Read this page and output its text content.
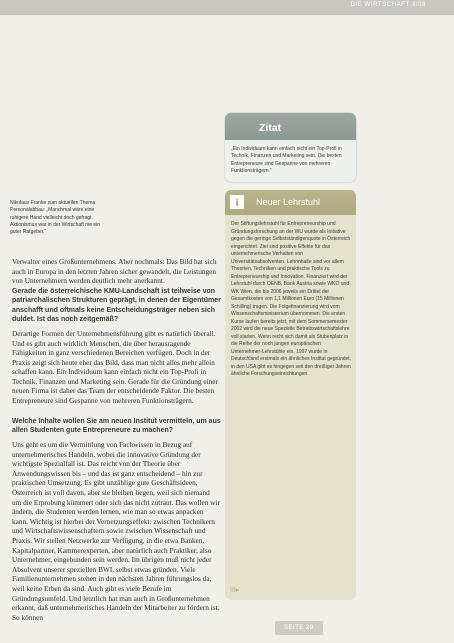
DIE WIRTSCHAFT 3/08
Zitat
„Ein Individuum kann einfach nicht ein Top-Profi in Technik, Finanzen und Marketing sein. Die besten Entrepreneure sind Gespanne von mehreren Funktionsträgern.“
i	Neuer Lehrstuhl
Der Stiftungslehrstuhl für Entrepreneurship und Gründungsforschung an der WU wurde als Initiative gegen die geringe Selbstständigenquote in Österreich eingerichtet. Ziel sind positive Effekte für das unternehmerische Verhalten von Universitätsabsolventen. Lehrinhalte sind vor allem Theorien, Techniken und praktische Tools zu Entrepreneurship und Innovation. Finanziert wird der Lehrstuhl durch OENB, Bank Austria sowie WKO und WK Wien, die bis 2006 jeweils ein Drittel der Gesamtkosten von 1,1 Millionen Euro (15 Millionen Schilling) tragen. Die Folgefinanzierung wird vom Wissenschaftsministerium übernommen. Die ersten Kurse laufen bereits jetzt, mit dem Sommersemester 2002 wird die neue Spezielle Betriebswirtschaftslehre voll starten. Wenn recht sich damit als Stubenplatz in die Reihe der noch jungen europäischen Unternehmer-Lehrstühle ein. 1997 wurde in Deutschland erstmals ein ähnliches Institut gegründet, in den USA gibt es hingegen seit den dreißiger Jahren ähnliche Forschungseinrichtungen.
Nikolaus Franke zum aktuellen Thema Personalabbau: „Manchmal wäre eine ruhigere Hand vielleicht doch gefragt. Aktionismus war in der Wirtschaft nie ein guter Ratgeber.“
Verwalter eines Großunternehmens. Aber nochmals: Das Bild hat sich auch in Europa in den letzten Jahren sicher gewandelt, die Leistungen von Unternehmern werden deutlich mehr anerkannt.
Gerade die österreichische KMU-Landschaft ist teilweise von patriarchalischen Strukturen geprägt, in denen der Eigentümer anschafft und oftmals keine Entscheidungsträger neben sich duldet. Ist das noch zeitgemäß?
Derartige Formen der Unternehmensführung gibt es natürlich überall. Und es gibt auch wirklich Menschen, die über herausragende Fähigkeiten in ganz verschiedenen Bereichen verfügen. Doch in der Praxis zeigt sich heute eher das Bild, dass man nicht alles mehr allein schaffen kann. Ein Individuum kann einfach nicht ein Top-Profi in Technik, Finanzen und Marketing sein. Gerade für die Gründung einer neuen Firma ist daher das Team der entscheidende Faktor. Die besten Entrepreneure sind Gespanne von mehreren Funktionsträgern.
Welche Inhalte wollen Sie am neuen Institut vermitteln, um aus allen Studenten gute Entrepreneure zu machen?
Uns geht es um die Vermittlung von Fachwissen in Bezug auf unternehmerisches Handeln, wobei die innovative Gründung der wichtigste Spezialfall ist. Das reicht von der Theorie über Anwendungswissen bis – und das ist ganz entscheidend – hin zur praktischen Umsetzung. Es gibt unzählige gute Geschäftsideen, Österreich ist voll davon, aber sie bleiben liegen, weil sich niemand um die Erprobung kümmert oder sich das nicht zutraut. Das wollen wir ändern, die Studenten werden lernen, wie man so etwas anpacken kann. Wichtig ist hierbei der Vernetzungseffekt: zwischen Technikern und Wirtschaftswissenschaftern sowie zwischen Wissenschaft und Praxis. Wir stellen Netzwerke zur Verfügung, in die etwa Banken, Kapitalpartner, Kammerexperten, aber natürlich auch Praktiker, also Unternehmer, eingebunden sein werden. Im übrigen muß nicht jeder Absolvent unserer speziellen BWL selbst etwas gründen. Viele Familienunternehmen stehen in den nächsten Jahren führungslos da, weil keine Erben da sind. Auch gibt es viele Berufe im Gründungsumfeld. Und letztlich hat man auch in Großunternehmen erkannt, daß unternehmerisches Handeln der Mitarbeiter zu fördern ist. So können
III▸
SEITE 29
